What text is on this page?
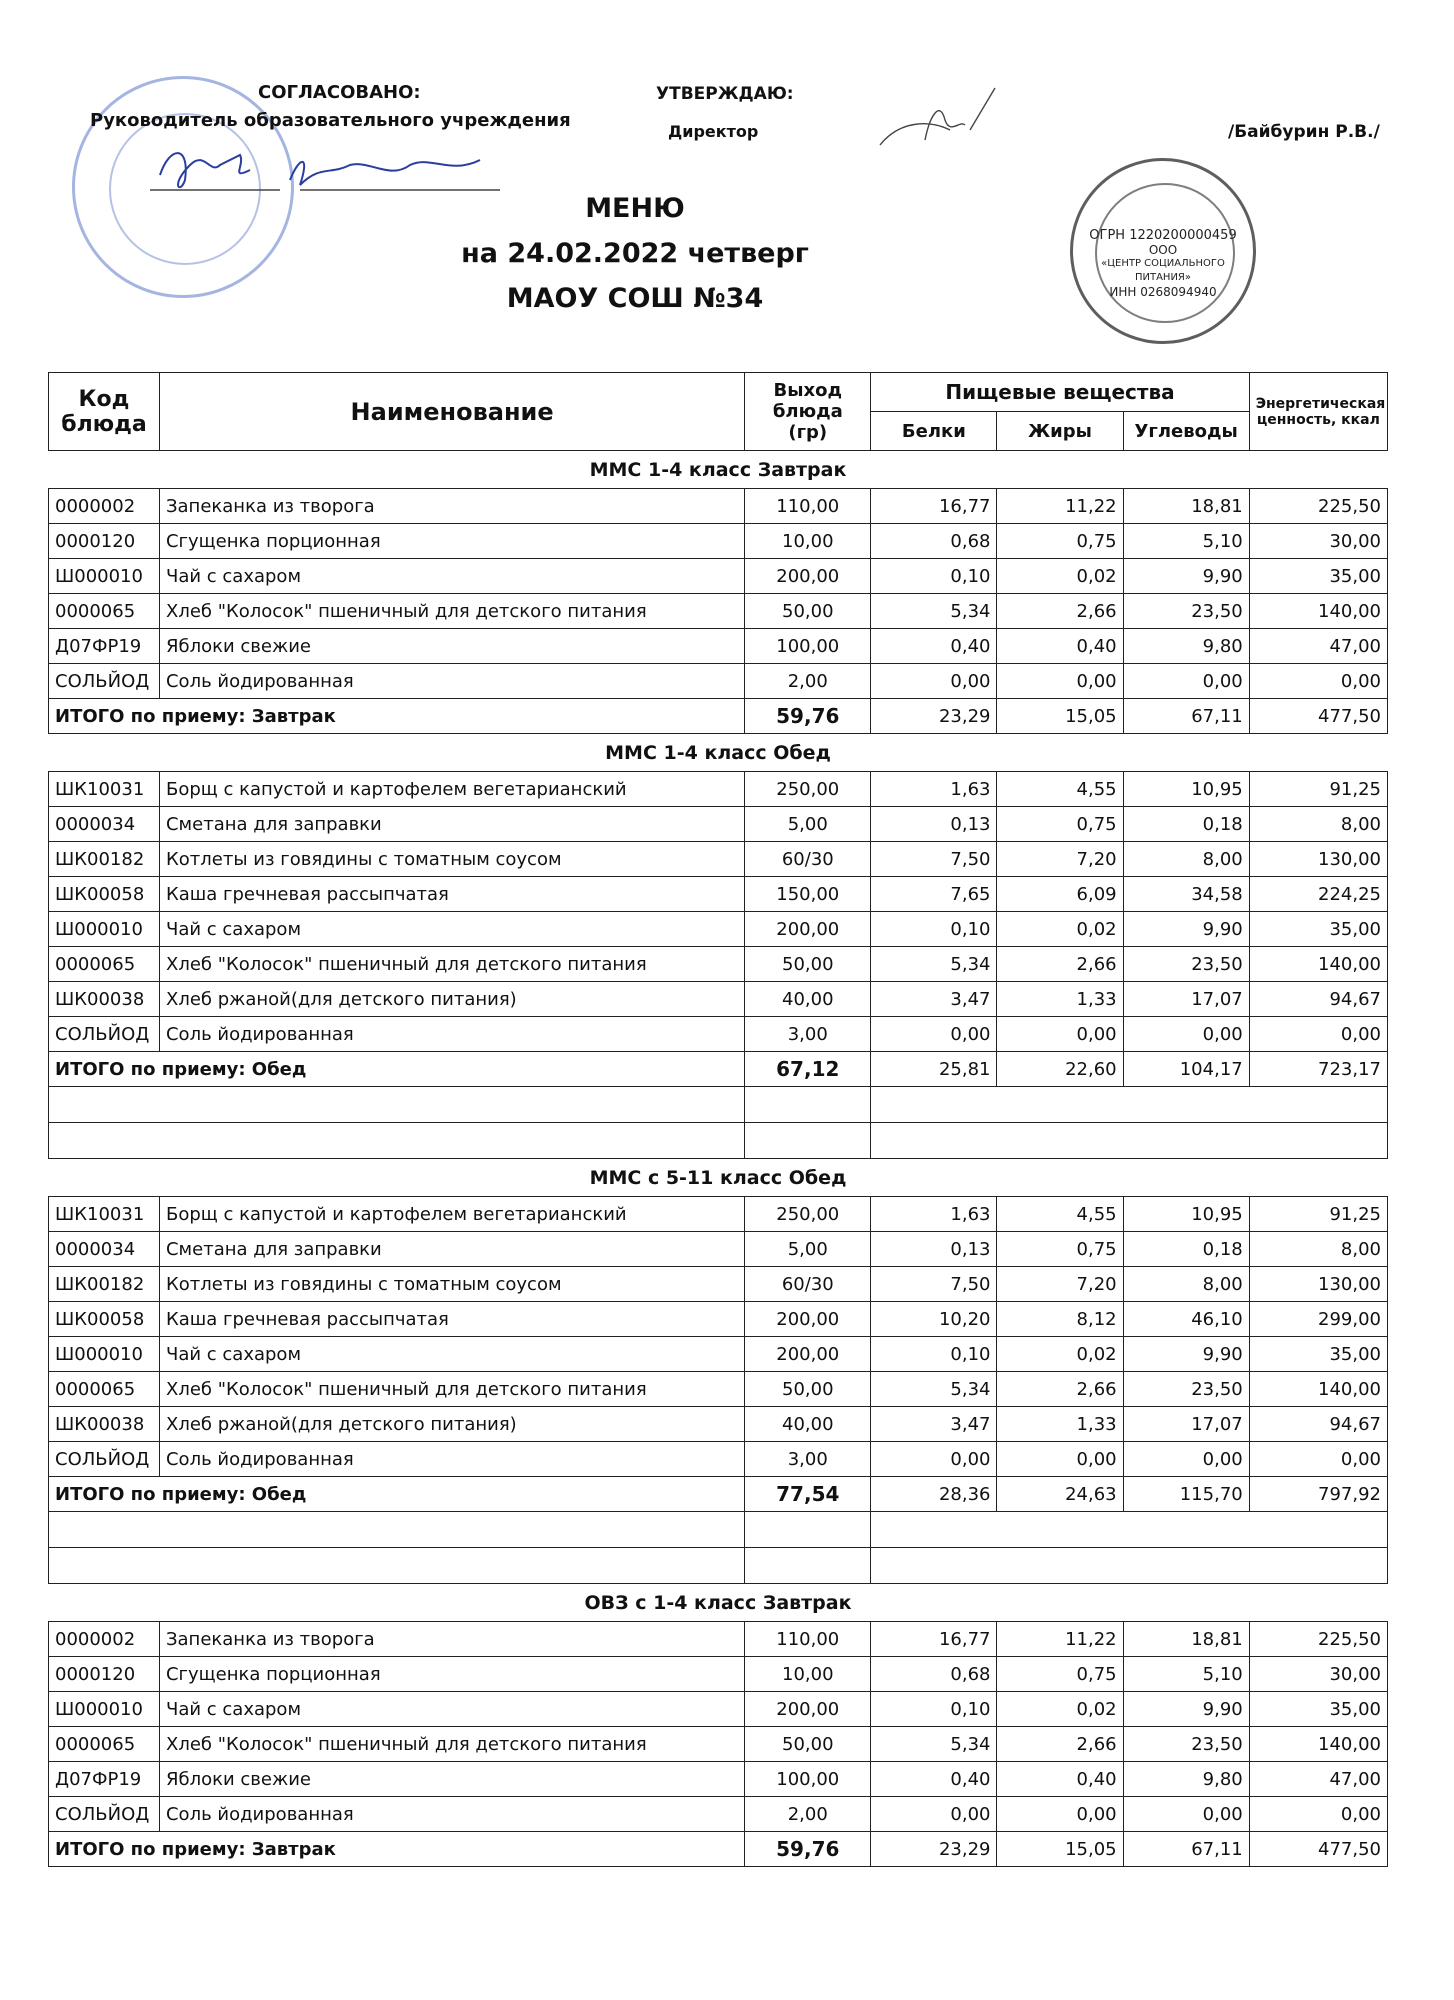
СОГЛАСОВАНО:
Руководитель образовательного учреждения
УТВЕРЖДАЮ:
Директор	/Байбурин Р.В./
ОГРН 1220200000459
ООО
«ЦЕНТР СОЦИАЛЬНОГО ПИТАНИЯ»
ИНН 0268094940
МЕНЮ
на 24.02.2022 четверг
МАОУ СОШ №34
Код блюда	Наименование	Выход блюда (гр)	Пищевые вещества			Энергетическая ценность, ккал
			Белки	Жиры	Углеводы	
ММС 1-4 класс Завтрак						
0000002	Запеканка из творога	110,00	16,77	11,22	18,81	225,50
0000120	Сгущенка порционная	10,00	0,68	0,75	5,10	30,00
Ш000010	Чай с сахаром	200,00	0,10	0,02	9,90	35,00
0000065	Хлеб "Колосок" пшеничный для детского питания	50,00	5,34	2,66	23,50	140,00
Д07ФР19	Яблоки свежие	100,00	0,40	0,40	9,80	47,00
СОЛЬЙОД	Соль йодированная	2,00	0,00	0,00	0,00	0,00
ИТОГО по приему: Завтрак		59,76	23,29	15,05	67,11	477,50
ММС 1-4 класс Обед						
ШК10031	Борщ с капустой и картофелем вегетарианский	250,00	1,63	4,55	10,95	91,25
0000034	Сметана для заправки	5,00	0,13	0,75	0,18	8,00
ШК00182	Котлеты из говядины с томатным соусом	60/30	7,50	7,20	8,00	130,00
ШК00058	Каша гречневая рассыпчатая	150,00	7,65	6,09	34,58	224,25
Ш000010	Чай с сахаром	200,00	0,10	0,02	9,90	35,00
0000065	Хлеб "Колосок" пшеничный для детского питания	50,00	5,34	2,66	23,50	140,00
ШК00038	Хлеб ржаной(для детского питания)	40,00	3,47	1,33	17,07	94,67
СОЛЬЙОД	Соль йодированная	3,00	0,00	0,00	0,00	0,00
ИТОГО по приему: Обед		67,12	25,81	22,60	104,17	723,17

ММС с 5-11 класс Обед						
ШК10031	Борщ с капустой и картофелем вегетарианский	250,00	1,63	4,55	10,95	91,25
0000034	Сметана для заправки	5,00	0,13	0,75	0,18	8,00
ШК00182	Котлеты из говядины с томатным соусом	60/30	7,50	7,20	8,00	130,00
ШК00058	Каша гречневая рассыпчатая	200,00	10,20	8,12	46,10	299,00
Ш000010	Чай с сахаром	200,00	0,10	0,02	9,90	35,00
0000065	Хлеб "Колосок" пшеничный для детского питания	50,00	5,34	2,66	23,50	140,00
ШК00038	Хлеб ржаной(для детского питания)	40,00	3,47	1,33	17,07	94,67
СОЛЬЙОД	Соль йодированная	3,00	0,00	0,00	0,00	0,00
ИТОГО по приему: Обед		77,54	28,36	24,63	115,70	797,92

ОВЗ с 1-4 класс Завтрак						
0000002	Запеканка из творога	110,00	16,77	11,22	18,81	225,50
0000120	Сгущенка порционная	10,00	0,68	0,75	5,10	30,00
Ш000010	Чай с сахаром	200,00	0,10	0,02	9,90	35,00
0000065	Хлеб "Колосок" пшеничный для детского питания	50,00	5,34	2,66	23,50	140,00
Д07ФР19	Яблоки свежие	100,00	0,40	0,40	9,80	47,00
СОЛЬЙОД	Соль йодированная	2,00	0,00	0,00	0,00	0,00
ИТОГО по приему: Завтрак		59,76	23,29	15,05	67,11	477,50
